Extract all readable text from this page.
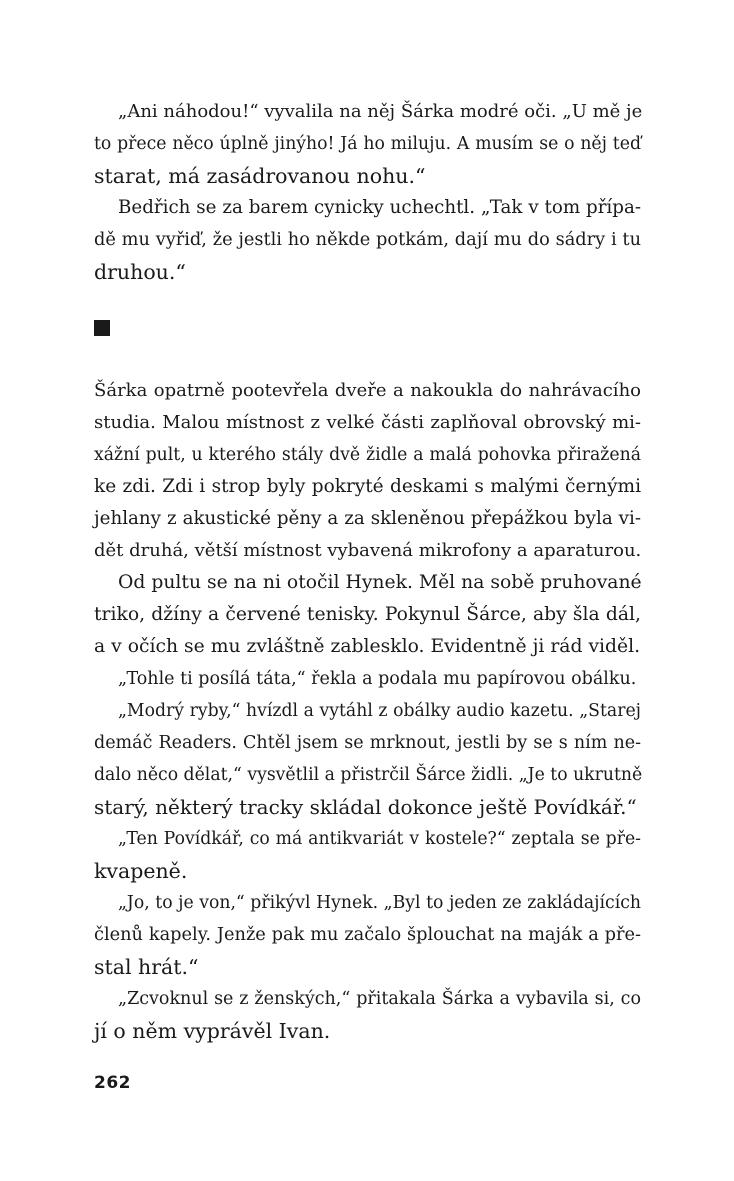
„Ani náhodou!“ vyvalila na něj Šárka modré oči. „U mě je
to přece něco úplně jinýho! Já ho miluju. A musím se o něj teď
starat, má zasádrovanou nohu.“
Bedřich se za barem cynicky uchechtl. „Tak v tom přípa-
dě mu vyřiď, že jestli ho někde potkám, dají mu do sádry i tu
druhou.“
Šárka opatrně pootevřela dveře a nakoukla do nahrávacího
studia. Malou místnost z velké části zaplňoval obrovský mi-
xážní pult, u kterého stály dvě židle a malá pohovka přiražená
ke zdi. Zdi i strop byly pokryté deskami s malými černými
jehlany z akustické pěny a za skleněnou přepážkou byla vi-
dět druhá, větší místnost vybavená mikrofony a aparaturou.
Od pultu se na ni otočil Hynek. Měl na sobě pruhované
triko, džíny a červené tenisky. Pokynul Šárce, aby šla dál,
a v očích se mu zvláštně zablesklo. Evidentně ji rád viděl.
„Tohle ti posílá táta,“ řekla a podala mu papírovou obálku.
„Modrý ryby,“ hvízdl a vytáhl z obálky audio kazetu. „Starej
demáč Readers. Chtěl jsem se mrknout, jestli by se s ním ne-
dalo něco dělat,“ vysvětlil a přistrčil Šárce židli. „Je to ukrutně
starý, některý tracky skládal dokonce ještě Povídkář.“
„Ten Povídkář, co má antikvariát v kostele?“ zeptala se pře-
kvapeně.
„Jo, to je von,“ přikývl Hynek. „Byl to jeden ze zakládajících
členů kapely. Jenže pak mu začalo šplouchat na maják a pře-
stal hrát.“
„Zcvoknul se z ženských,“ přitakala Šárka a vybavila si, co
jí o něm vyprávěl Ivan.
262
